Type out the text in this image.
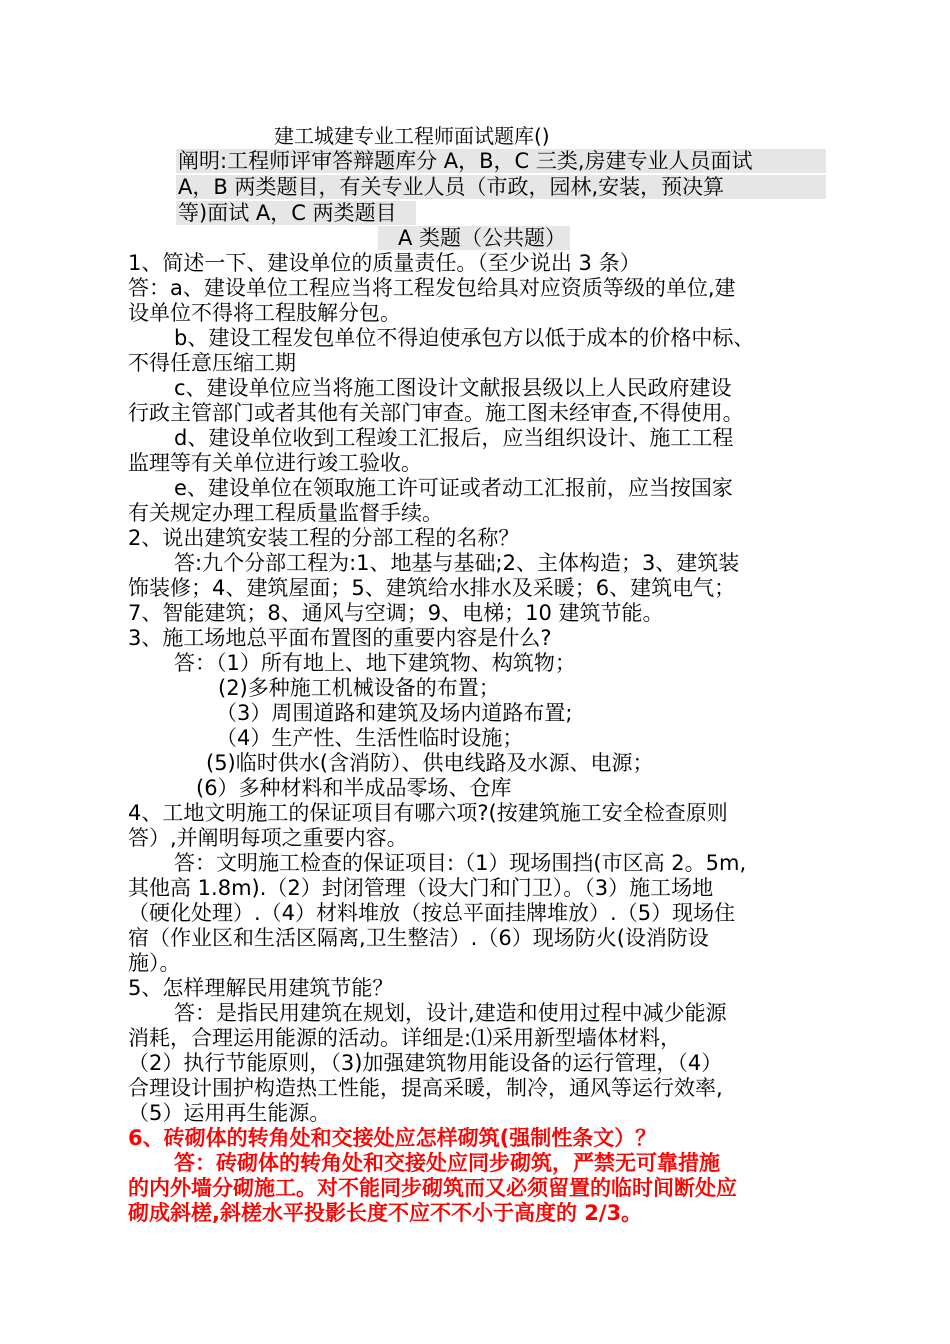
建工城建专业工程师面试题库()
阐明:工程师评审答辩题库分 A，B，C 三类,房建专业人员面试
A，B 两类题目，有关专业人员（市政，园林,安装，预决算
等)面试 A，C 两类题目
A 类题（公共题）
1、简述一下、建设单位的质量责任。（至少说出 3 条）
答：a、建设单位工程应当将工程发包给具对应资质等级的单位,建
设单位不得将工程肢解分包。
b、建设工程发包单位不得迫使承包方以低于成本的价格中标、
不得任意压缩工期
c、建设单位应当将施工图设计文献报县级以上人民政府建设
行政主管部门或者其他有关部门审查。施工图未经审查,不得使用。
d、建设单位收到工程竣工汇报后，应当组织设计、施工工程
监理等有关单位进行竣工验收。
e、建设单位在领取施工许可证或者动工汇报前，应当按国家
有关规定办理工程质量监督手续。
2、说出建筑安装工程的分部工程的名称？
答:九个分部工程为:1、地基与基础;2、主体构造；3、建筑装
饰装修；4、建筑屋面；5、建筑给水排水及采暖；6、建筑电气；
7、智能建筑；8、通风与空调；9、电梯；10 建筑节能。
3、施工场地总平面布置图的重要内容是什么?
答：（1）所有地上、地下建筑物、构筑物；
(2)多种施工机械设备的布置；
（3）周围道路和建筑及场内道路布置;
（4）生产性、生活性临时设施；
(5)临时供水(含消防）、供电线路及水源、电源；
(6）多种材料和半成品零场、仓库
4、工地文明施工的保证项目有哪六项?(按建筑施工安全检查原则
答）,并阐明每项之重要内容。
答：文明施工检查的保证项目:（1）现场围挡(市区高 2。5m,
其他高 1.8m).（2）封闭管理（设大门和门卫）。（3）施工场地
（硬化处理）.（4）材料堆放（按总平面挂牌堆放）.（5）现场住
宿（作业区和生活区隔离,卫生整洁）.（6）现场防火(设消防设
施）。
5、怎样理解民用建筑节能？
答：是指民用建筑在规划，设计,建造和使用过程中减少能源
消耗，合理运用能源的活动。详细是:⑴采用新型墙体材料，
（2）执行节能原则，（3)加强建筑物用能设备的运行管理，（4）
合理设计围护构造热工性能，提高采暖，制冷，通风等运行效率,
（5）运用再生能源。
6、砖砌体的转角处和交接处应怎样砌筑(强制性条文）？
答：砖砌体的转角处和交接处应同步砌筑，严禁无可靠措施
的内外墙分砌施工。对不能同步砌筑而又必须留置的临时间断处应
砌成斜槎,斜槎水平投影长度不应不不小于高度的 2/3。
